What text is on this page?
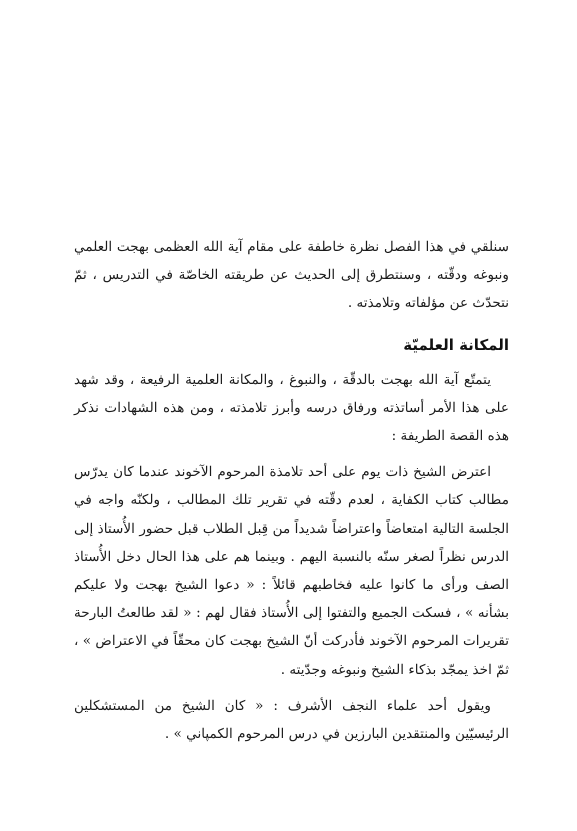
سنلقي في هذا الفصل نظرة خاطفة على مقام آية الله العظمى بهجت العلمي ونبوغه ودقّته ، وسنتطرق إلى الحديث عن طريقته الخاصّة في التدريس ، ثمّ نتحدّث عن مؤلفاته وتلامذته .

المكانة العلميّة

يتمتّع آية الله بهجت بالدقّة ، والنبوغ ، والمكانة العلمية الرفيعة ، وقد شهد على هذا الأمر أساتذته ورفاق درسه وأبرز تلامذته ، ومن هذه الشهادات نذكر هذه القصة الطريفة :

اعترض الشيخ ذات يوم على أحد تلامذة المرحوم الآخوند عندما كان يدرّس مطالب كتاب الكفاية ، لعدم دقّته في تقرير تلك المطالب ، ولكنّه واجه في الجلسة التالية امتعاضاً واعتراضاً شديداً من قِبل الطلاب قبل حضور الأُستاذ إلى الدرس نظراً لصغر سنّه بالنسبة اليهم . وبينما هم على هذا الحال دخل الأُستاذ الصف ورأى ما كانوا عليه فخاطبهم قائلاً : « دعوا الشيخ بهجت ولا عليكم بشأنه » ، فسكت الجميع والتفتوا إلى الأُستاذ فقال لهم : « لقد طالعتُ البارحة تقريرات المرحوم الآخوند فأدركت أنّ الشيخ بهجت كان محقّاً في الاعتراض » ، ثمّ اخذ يمجّد بذكاء الشيخ ونبوغه وجدّيته .

ويقول أحد علماء النجف الأشرف : « كان الشيخ من المستشكلين الرئيسيّين والمنتقدين البارزين في درس المرحوم الكمپاني » .
